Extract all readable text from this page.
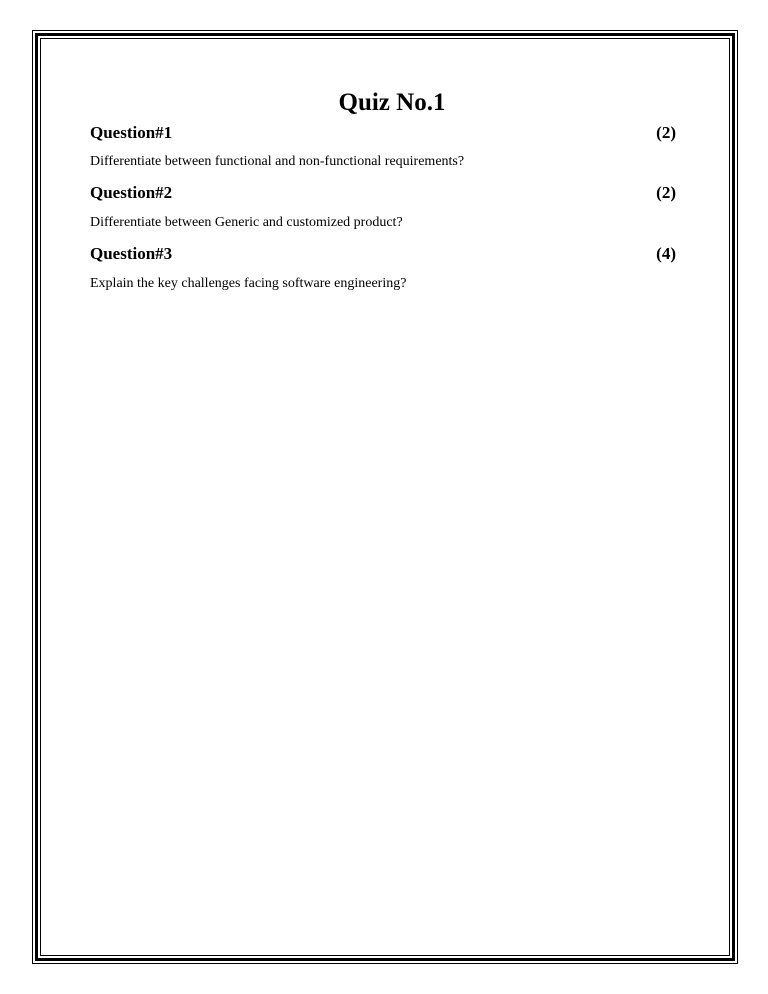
Quiz No.1
Question#1	(2)

Differentiate between functional and non-functional requirements?

Question#2	(2)

Differentiate between Generic and customized product?

Question#3	(4)

Explain the key challenges facing software engineering?
